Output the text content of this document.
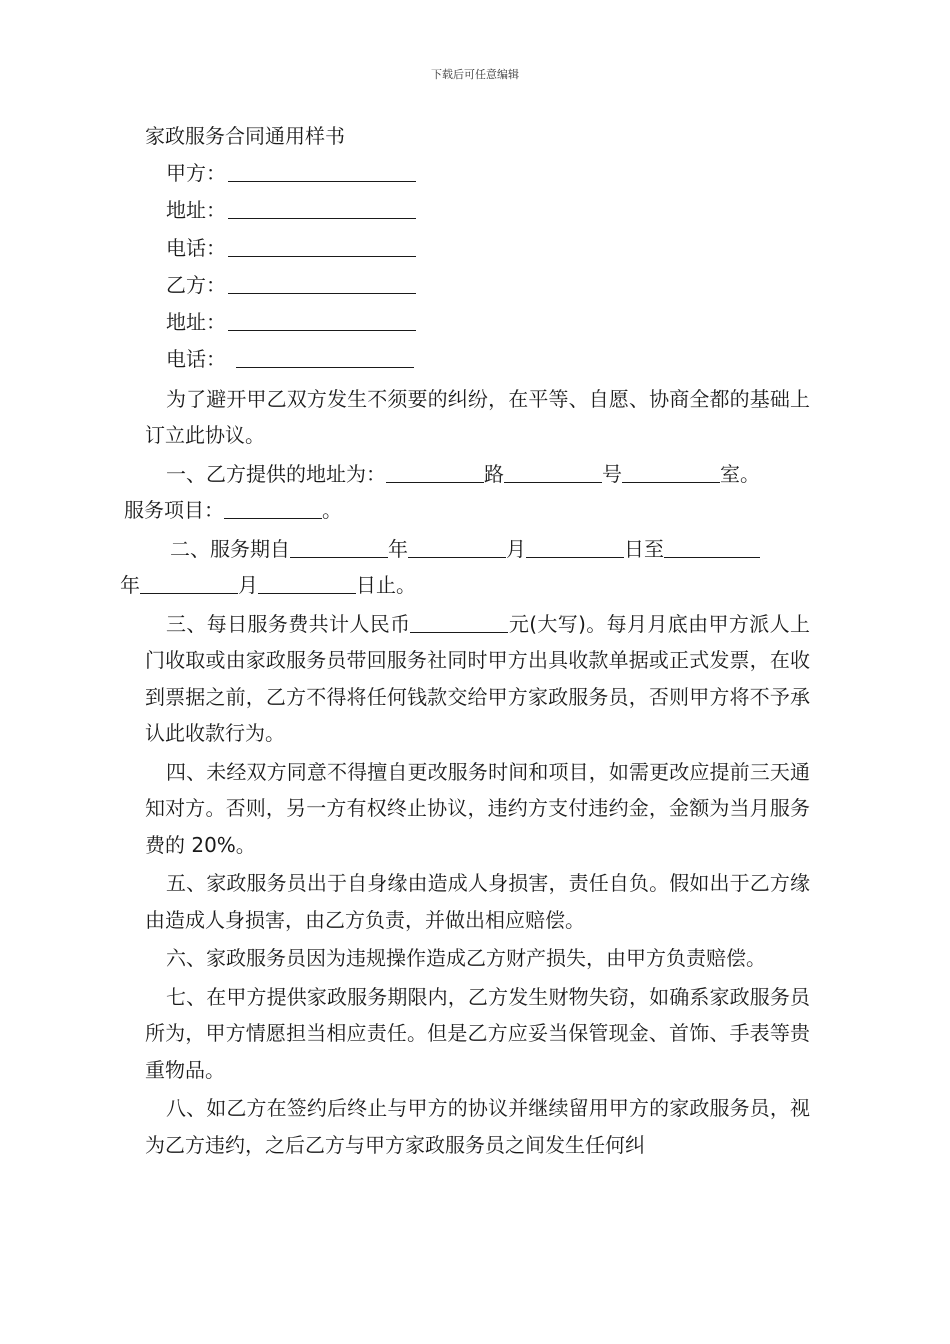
下载后可任意编辑
家政服务合同通用样书
甲方：
地址：
电话：
乙方：
地址：
电话：

为了避开甲乙双方发生不须要的纠纷，在平等、自愿、协商全都的基础上订立此协议。

一、乙方提供的地址为：	路	号	室。
服务项目：	。

二、服务期自	年	月	日至
年	月	日止。

三、每日服务费共计人民币	元(大写)。每月月底由甲方派人上门收取或由家政服务员带回服务社同时甲方出具收款单据或正式发票，在收到票据之前，乙方不得将任何钱款交给甲方家政服务员，否则甲方将不予承认此收款行为。

四、未经双方同意不得擅自更改服务时间和项目，如需更改应提前三天通知对方。否则，另一方有权终止协议，违约方支付违约金，金额为当月服务费的 20%。

五、家政服务员出于自身缘由造成人身损害，责任自负。假如出于乙方缘由造成人身损害，由乙方负责，并做出相应赔偿。

六、家政服务员因为违规操作造成乙方财产损失，由甲方负责赔偿。

七、在甲方提供家政服务期限内，乙方发生财物失窃，如确系家政服务员所为，甲方情愿担当相应责任。但是乙方应妥当保管现金、首饰、手表等贵重物品。

八、如乙方在签约后终止与甲方的协议并继续留用甲方的家政服务员，视为乙方违约，之后乙方与甲方家政服务员之间发生任何纠
